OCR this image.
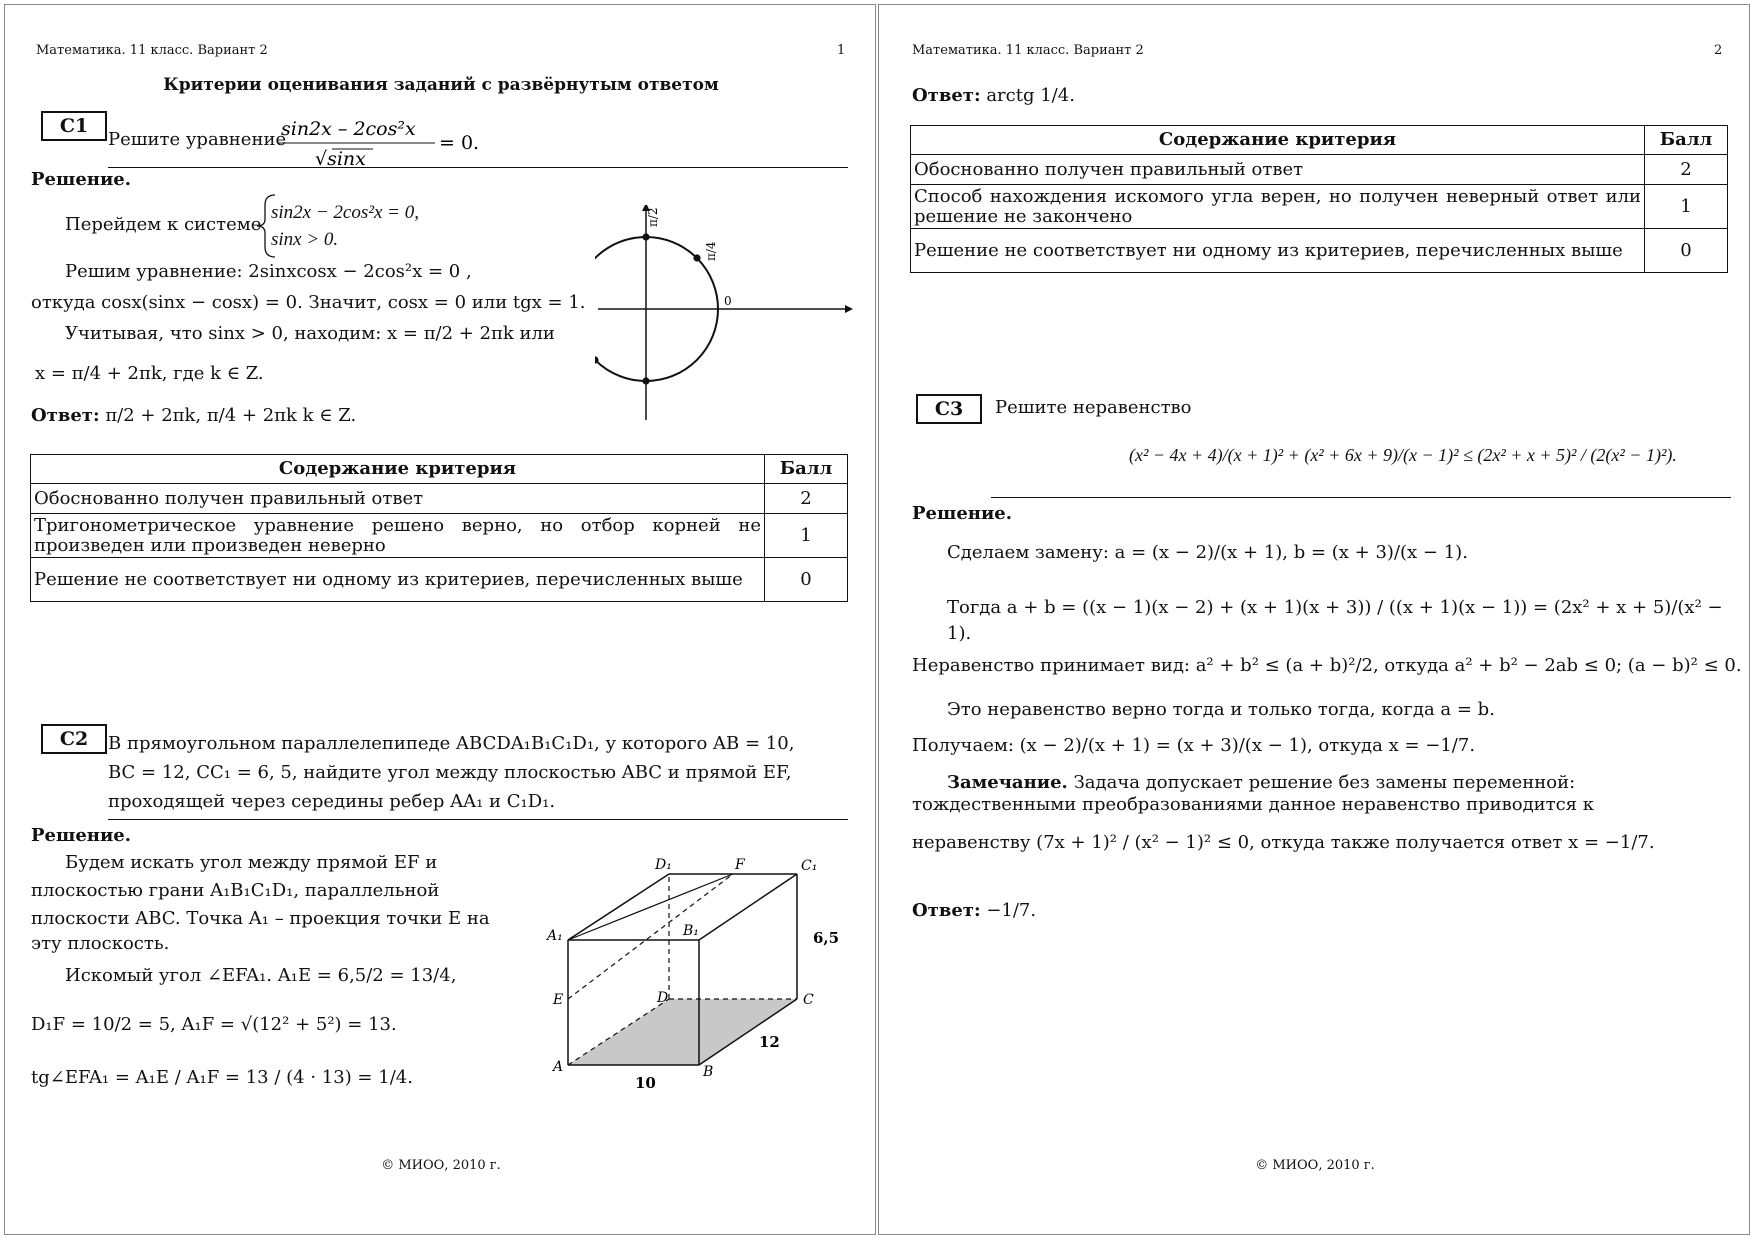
Математика. 11 класс. Вариант 2	1
Критерии оценивания заданий с развёрнутым ответом
C1
Решите уравнение
sin2x – 2cos²x
√sinx
= 0.
Решение.
Перейдем к системе
sin2x − 2cos²x = 0,
sinx > 0.
Решим уравнение: 2sinxcosx − 2cos²x = 0 ,
откуда cosx(sinx − cosx) = 0. Значит, cosx = 0 или tgx = 1.
Учитывая, что sinx > 0, находим: x = π/2 + 2πk или
x = π/4 + 2πk, где k ∈ Z.
Ответ: π/2 + 2πk, π/4 + 2πk k ∈ Z.
π/2
π/4
0
Содержание критерия	Балл
Обоснованно получен правильный ответ	2
Тригонометрическое уравнение решено верно, но отбор корней не произведен или произведен неверно	1
Решение не соответствует ни одному из критериев, перечисленных выше	0
C2	В прямоугольном параллелепипеде ABCDA₁B₁C₁D₁, у которого AB = 10,
BC = 12, CC₁ = 6, 5, найдите угол между плоскостью ABC и прямой EF,
проходящей через середины ребер AA₁ и C₁D₁.
Решение.
Будем искать угол между прямой EF и
плоскостью грани A₁B₁C₁D₁, параллельной
плоскости ABC. Точка A₁ – проекция точки E на
эту плоскость.
Искомый угол ∠EFA₁. A₁E = 6,5/2 = 13/4,
D₁F = 10/2 = 5, A₁F = √(12² + 5²) = 13.
tg∠EFA₁ = A₁E / A₁F = 13 / (4 · 13) = 1/4.
D₁	F	C₁
A₁	B₁
E	D	C
A	B
10
12
6,5
© МИОО, 2010 г.
Математика. 11 класс. Вариант 2	2
Ответ: arctg 1/4.
Содержание критерия	Балл
Обоснованно получен правильный ответ	2
Способ нахождения искомого угла верен, но получен неверный ответ или решение не закончено	1
Решение не соответствует ни одному из критериев, перечисленных выше	0
C3	Решите неравенство
(x² − 4x + 4)/(x + 1)² + (x² + 6x + 9)/(x − 1)² ≤ (2x² + x + 5)² / (2(x² − 1)²).
Решение.
Сделаем замену: a = (x − 2)/(x + 1), b = (x + 3)/(x − 1).
Тогда a + b = ((x − 1)(x − 2) + (x + 1)(x + 3)) / ((x + 1)(x − 1)) = (2x² + x + 5)/(x² − 1).
Неравенство принимает вид: a² + b² ≤ (a + b)²/2, откуда a² + b² − 2ab ≤ 0; (a − b)² ≤ 0.
Это неравенство верно тогда и только тогда, когда a = b.
Получаем: (x − 2)/(x + 1) = (x + 3)/(x − 1), откуда x = −1/7.
Замечание. Задача допускает решение без замены переменной:
тождественными преобразованиями данное неравенство приводится к
неравенству (7x + 1)² / (x² − 1)² ≤ 0, откуда также получается ответ x = −1/7.
Ответ: −1/7.
© МИОО, 2010 г.
